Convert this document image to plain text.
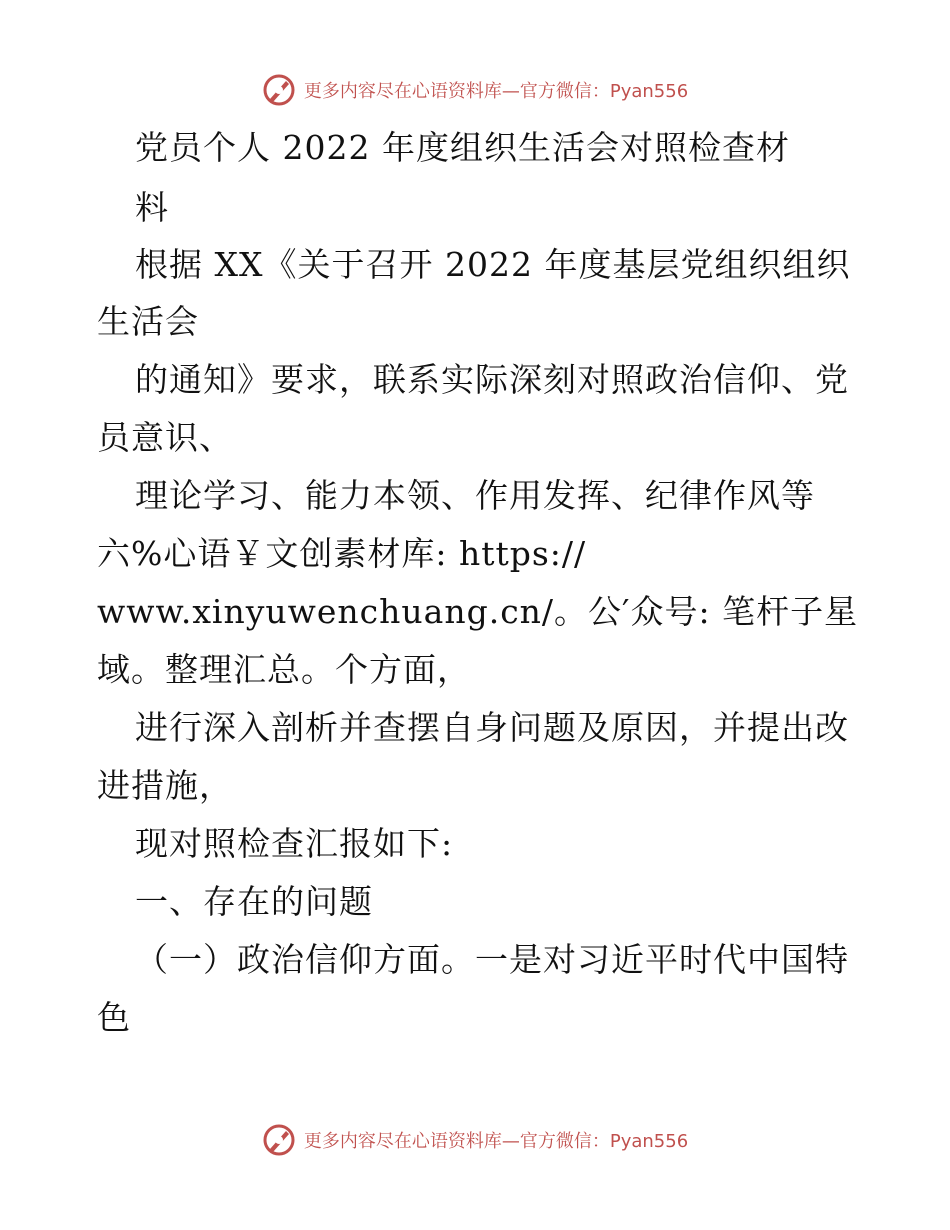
更多内容尽在心语资料库—官方微信：Pyan556
党员个人 2022 年度组织生活会对照检查材
料
根据 XX《关于召开 2022 年度基层党组织组织
生活会
的通知》要求，联系实际深刻对照政治信仰、党
员意识、
理论学习、能力本领、作用发挥、纪律作风等
六%心语￥文创素材库: https://
www.xinyuwenchuang.cn/。公′众号: 笔杆子星
域。整理汇总。个方面，
进行深入剖析并查摆自身问题及原因，并提出改
进措施，
现对照检查汇报如下:
一、存在的问题
（一）政治信仰方面。一是对习近平时代中国特
色
更多内容尽在心语资料库—官方微信：Pyan556
